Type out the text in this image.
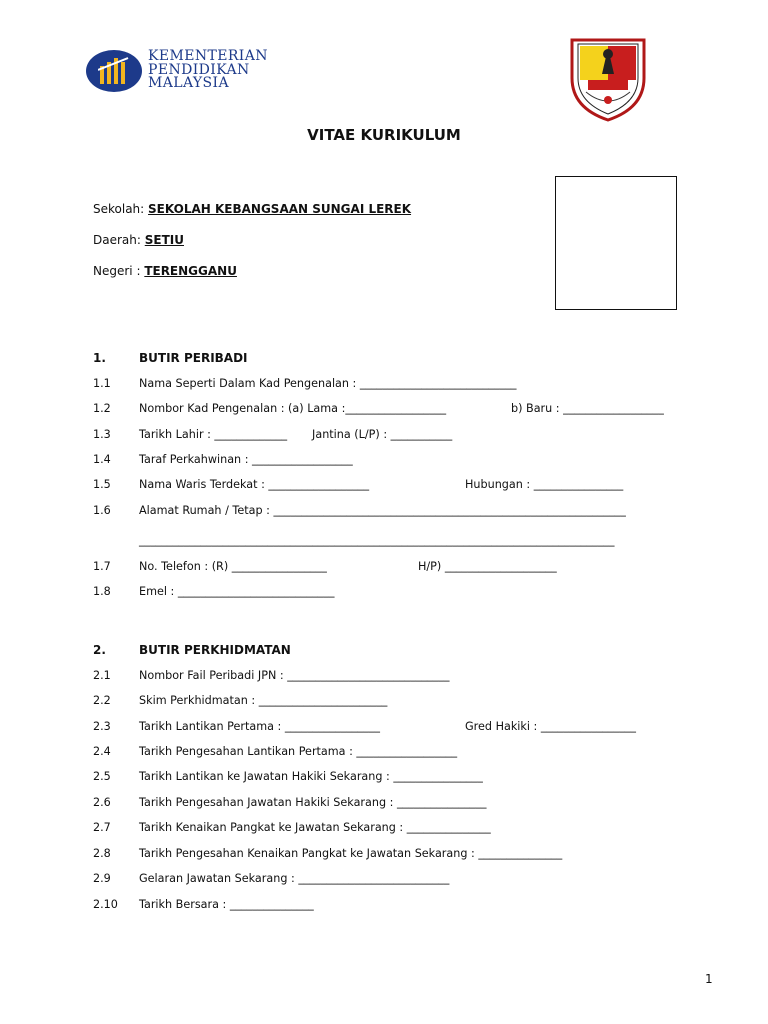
KEMENTERIAN
PENDIDIKAN
MALAYSIA
VITAE KURIKULUM
Sekolah: SEKOLAH KEBANGSAAN SUNGAI LEREK
Daerah: SETIU
Negeri : TERENGGANU
1.	BUTIR PERIBADI
1.1	Nama Seperti Dalam Kad Pengenalan : ____________________________
1.2	Nombor Kad Pengenalan : (a) Lama :__________________	b) Baru : __________________
1.3	Tarikh Lahir : _____________       Jantina (L/P) : ___________
1.4	Taraf Perkahwinan : __________________
1.5	Nama Waris Terdekat : __________________	Hubungan : ________________
1.6	Alamat Rumah / Tetap : _______________________________________________________________
_____________________________________________________________________________________
1.7	No. Telefon : (R) _________________	H/P) ____________________
1.8	Emel : ____________________________
2.	BUTIR PERKHIDMATAN
2.1	Nombor Fail Peribadi JPN : _____________________________
2.2	Skim Perkhidmatan : _______________________
2.3	Tarikh Lantikan Pertama : _________________	Gred Hakiki : _________________
2.4	Tarikh Pengesahan Lantikan Pertama : __________________
2.5	Tarikh Lantikan ke Jawatan Hakiki Sekarang : ________________
2.6	Tarikh Pengesahan Jawatan Hakiki Sekarang : ________________
2.7	Tarikh Kenaikan Pangkat ke Jawatan Sekarang : _______________
2.8	Tarikh Pengesahan Kenaikan Pangkat ke Jawatan Sekarang : _______________
2.9	Gelaran Jawatan Sekarang : ___________________________
2.10 Tarikh Bersara : _______________
1
